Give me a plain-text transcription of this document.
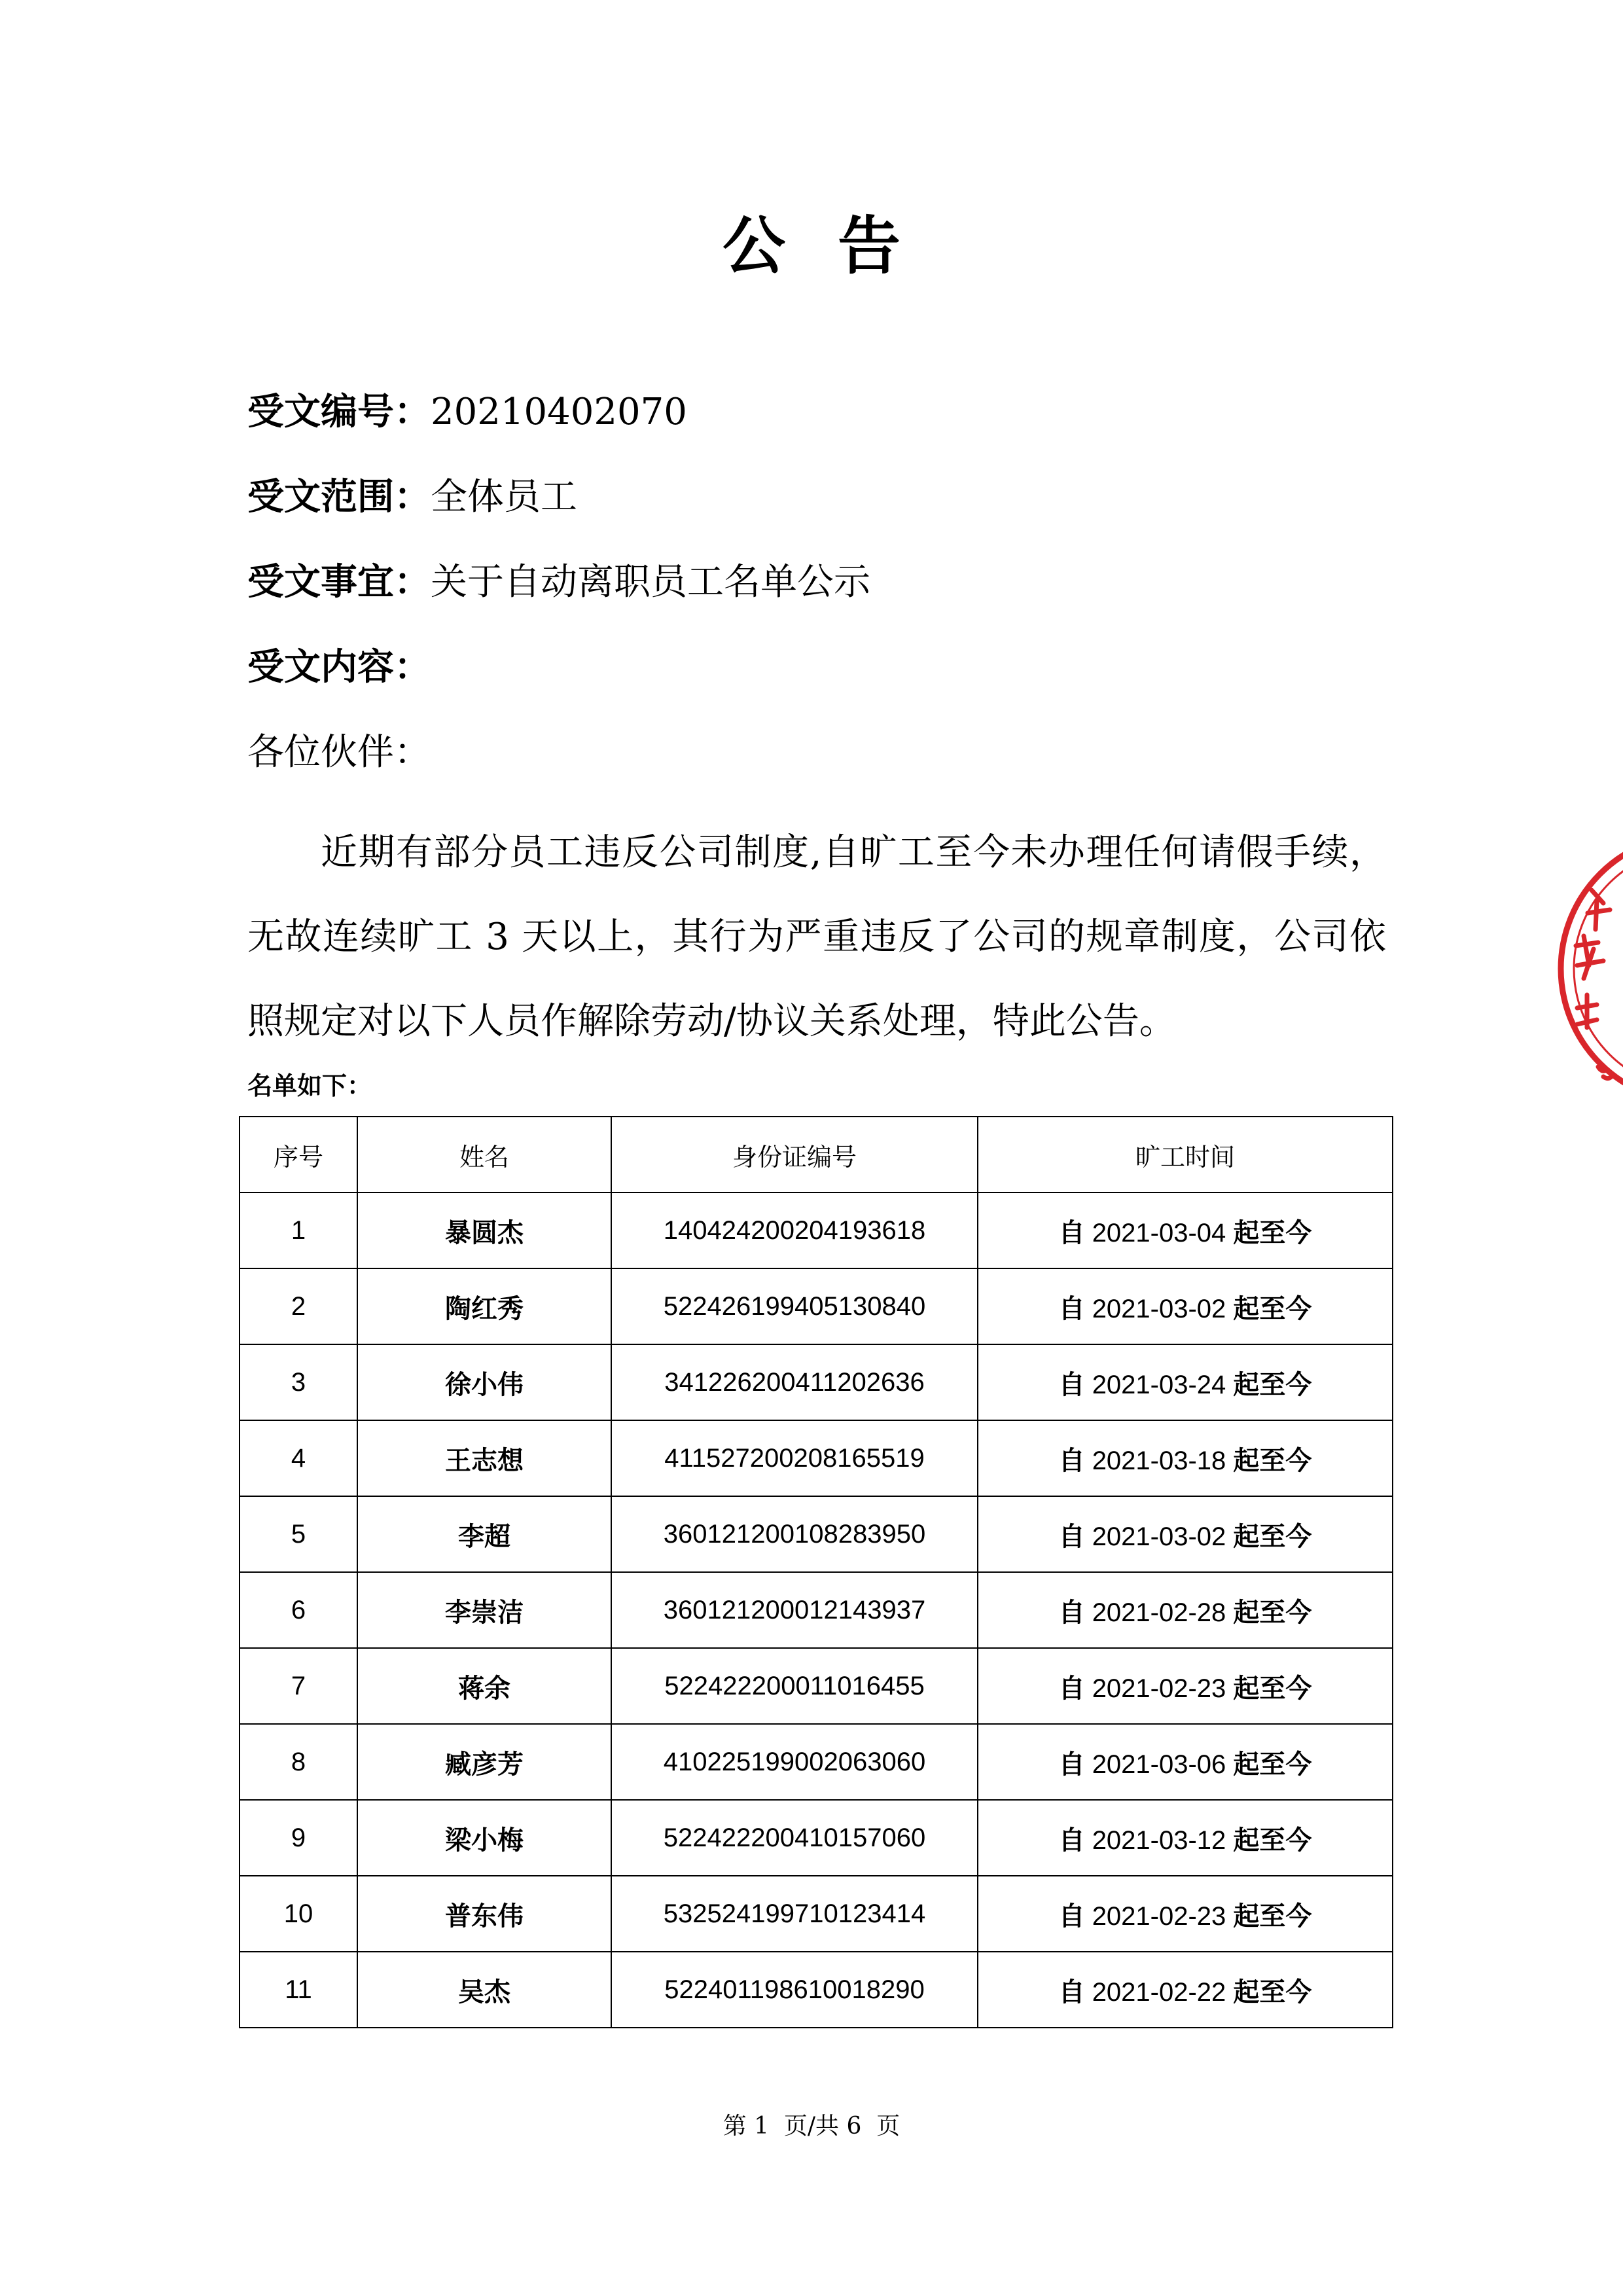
公告
受文编号：20210402070
受文范围：全体员工
受文事宜：关于自动离职员工名单公示
受文内容：
各位伙伴：
近期有部分员工违反公司制度,自旷工至今未办理任何请假手续，无故连续旷工 3 天以上，其行为严重违反了公司的规章制度，公司依照规定对以下人员作解除劳动/协议关系处理，特此公告。
名单如下：
序号	姓名	身份证编号	旷工时间
1	暴圆杰	140424200204193618	自 2021-03-04 起至今
2	陶红秀	522426199405130840	自 2021-03-02 起至今
3	徐小伟	341226200411202636	自 2021-03-24 起至今
4	王志想	411527200208165519	自 2021-03-18 起至今
5	李超	360121200108283950	自 2021-03-02 起至今
6	李崇洁	360121200012143937	自 2021-02-28 起至今
7	蒋余	522422200011016455	自 2021-02-23 起至今
8	臧彦芳	410225199002063060	自 2021-03-06 起至今
9	梁小梅	522422200410157060	自 2021-03-12 起至今
10	普东伟	532524199710123414	自 2021-02-23 起至今
11	吴杰	522401198610018290	自 2021-02-22 起至今
第 1  页/共 6  页
